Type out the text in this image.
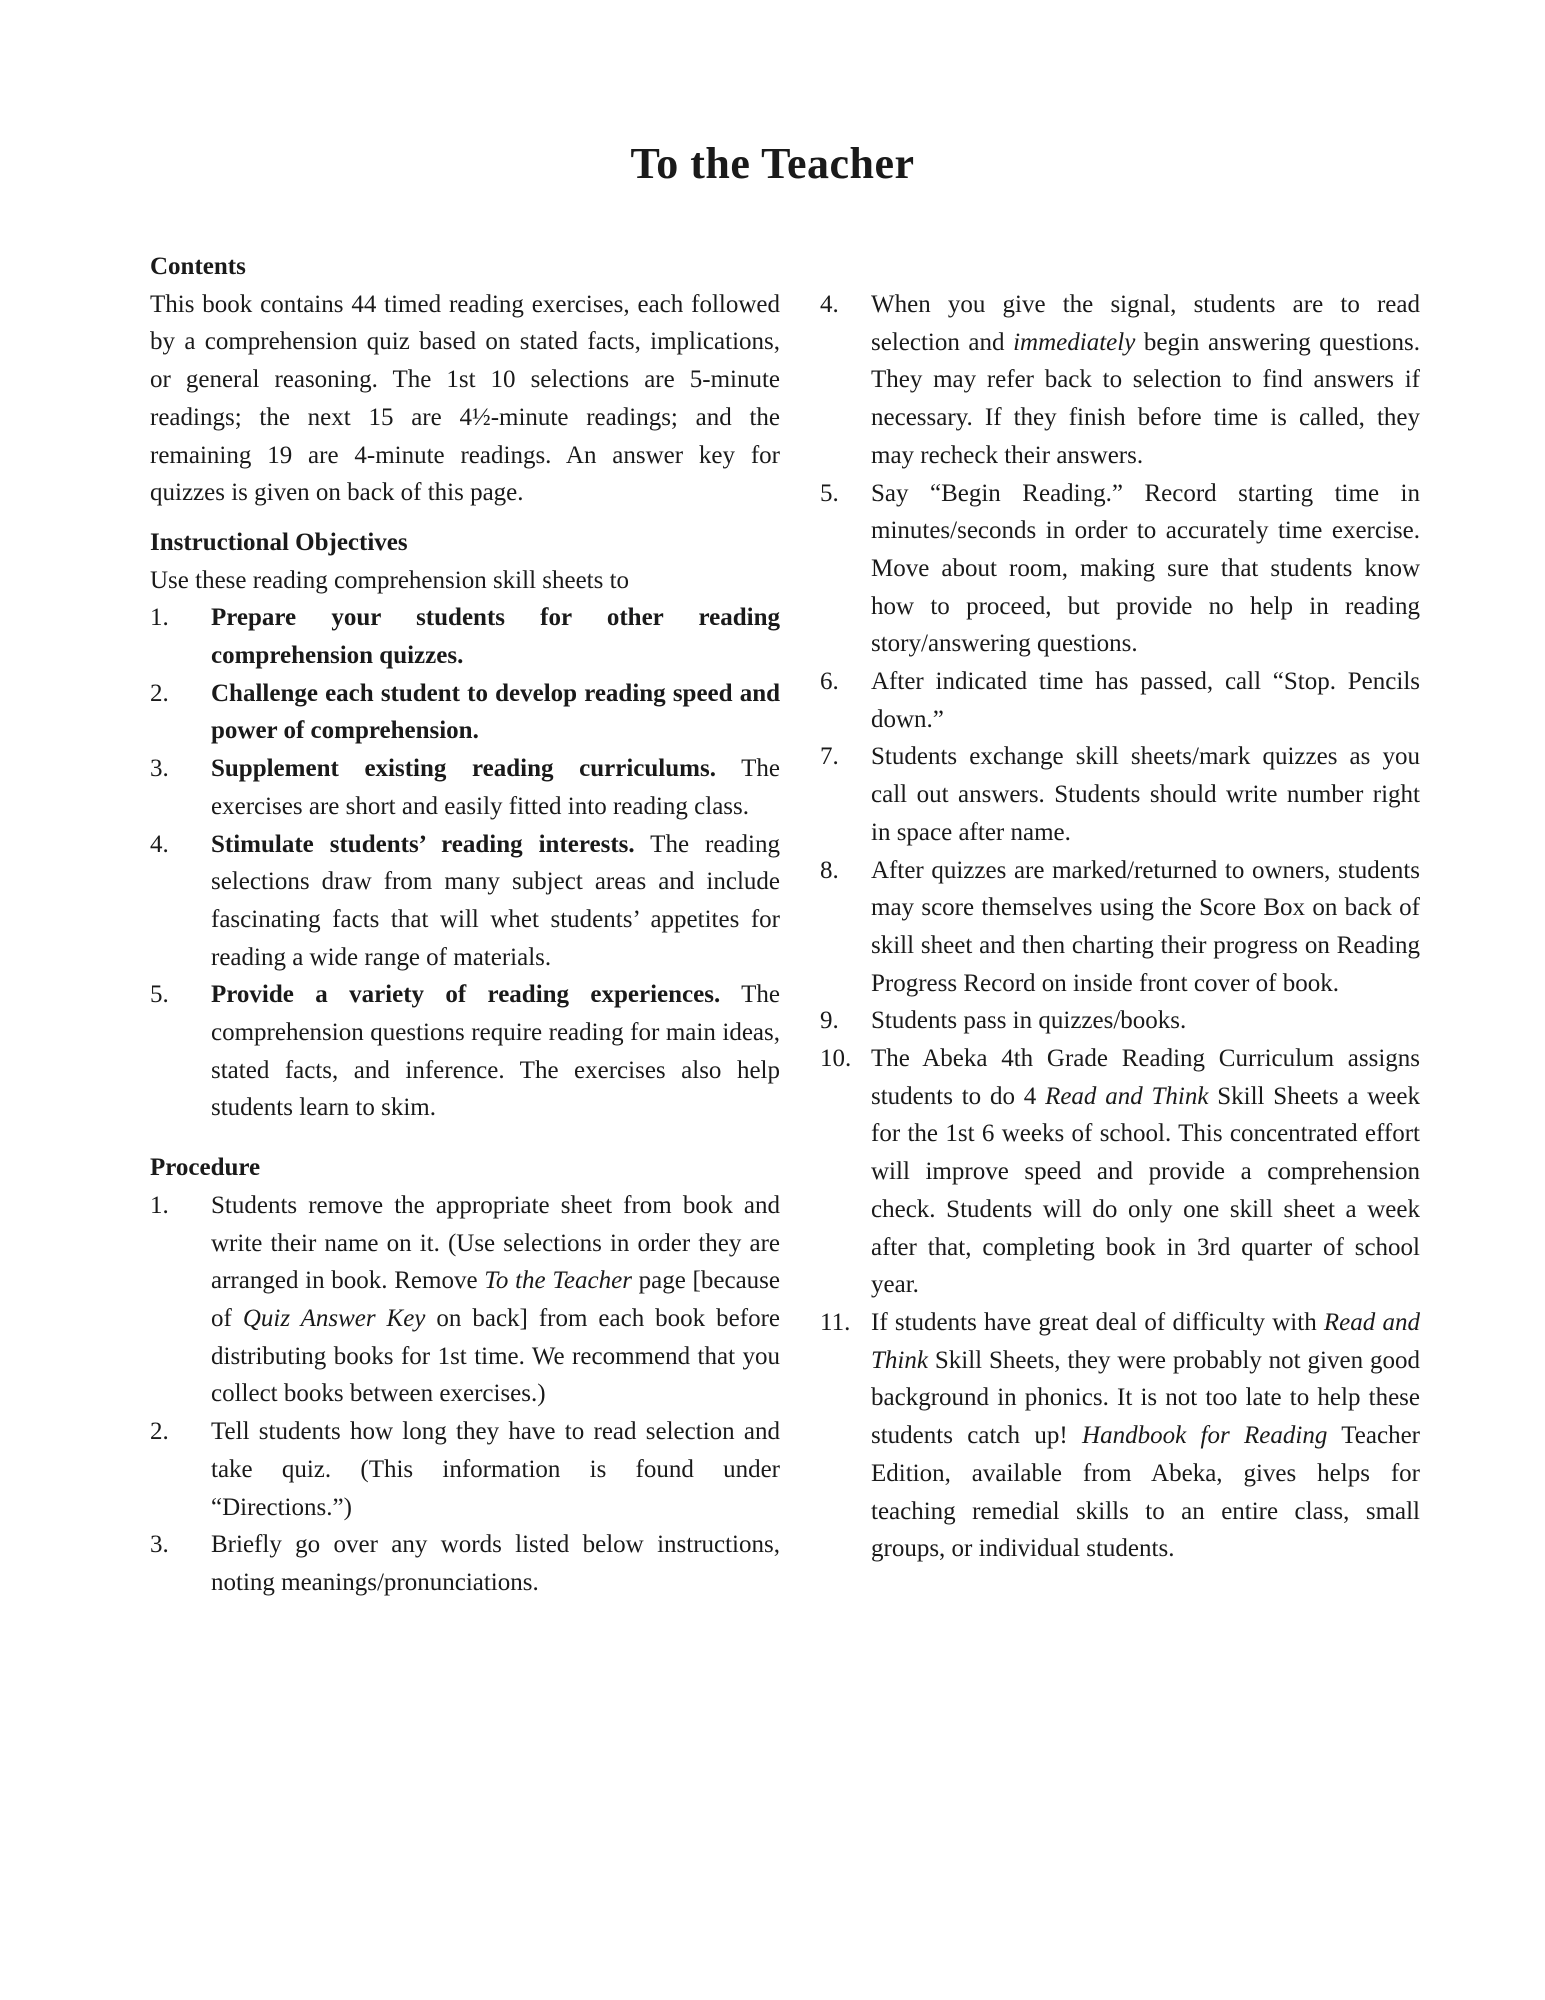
To the Teacher
Contents

This book contains 44 timed reading exercises, each followed by a comprehension quiz based on stated facts, implications, or general reasoning. The 1st 10 selections are 5-minute readings; the next 15 are 4½-minute readings; and the remaining 19 are 4-minute readings. An answer key for quizzes is given on back of this page.

Instructional Objectives

Use these reading comprehension skill sheets to

1.	Prepare your students for other reading comprehension quizzes.
2.	Challenge each student to develop reading speed and power of comprehension.
3.	Supplement existing reading curriculums. The exercises are short and easily fitted into reading class.
4.	Stimulate students’ reading interests. The reading selections draw from many subject areas and include fascinating facts that will whet students’ appetites for reading a wide range of materials.
5.	Provide a variety of reading experiences. The comprehension questions require reading for main ideas, stated facts, and inference. The exercises also help students learn to skim.
Procedure
1.	Students remove the appropriate sheet from book and write their name on it. (Use selections in order they are arranged in book. Remove To the Teacher page [because of Quiz Answer Key on back] from each book before distributing books for 1st time. We recommend that you collect books between exercises.)
2.	Tell students how long they have to read selection and take quiz. (This information is found under “Directions.”)
3.	Briefly go over any words listed below instructions, noting meanings/pronunciations.
4.	When you give the signal, students are to read selection and immediately begin answering questions. They may refer back to selection to find answers if necessary. If they finish before time is called, they may recheck their answers.
5.	Say “Begin Reading.” Record starting time in minutes/seconds in order to accurately time exercise. Move about room, making sure that students know how to proceed, but provide no help in reading story/answering questions.
6.	After indicated time has passed, call “Stop. Pencils down.”
7.	Students exchange skill sheets/mark quizzes as you call out answers. Students should write number right in space after name.
8.	After quizzes are marked/returned to owners, students may score themselves using the Score Box on back of skill sheet and then charting their progress on Reading Progress Record on inside front cover of book.
9.	Students pass in quizzes/books.
10. The Abeka 4th Grade Reading Curriculum assigns students to do 4 Read and Think Skill Sheets a week for the 1st 6 weeks of school. This concentrated effort will improve speed and provide a comprehension check. Students will do only one skill sheet a week after that, completing book in 3rd quarter of school year.
11. If students have great deal of difficulty with Read and Think Skill Sheets, they were probably not given good background in phonics. It is not too late to help these students catch up! Handbook for Reading Teacher Edition, available from Abeka, gives helps for teaching remedial skills to an entire class, small groups, or individual students.
